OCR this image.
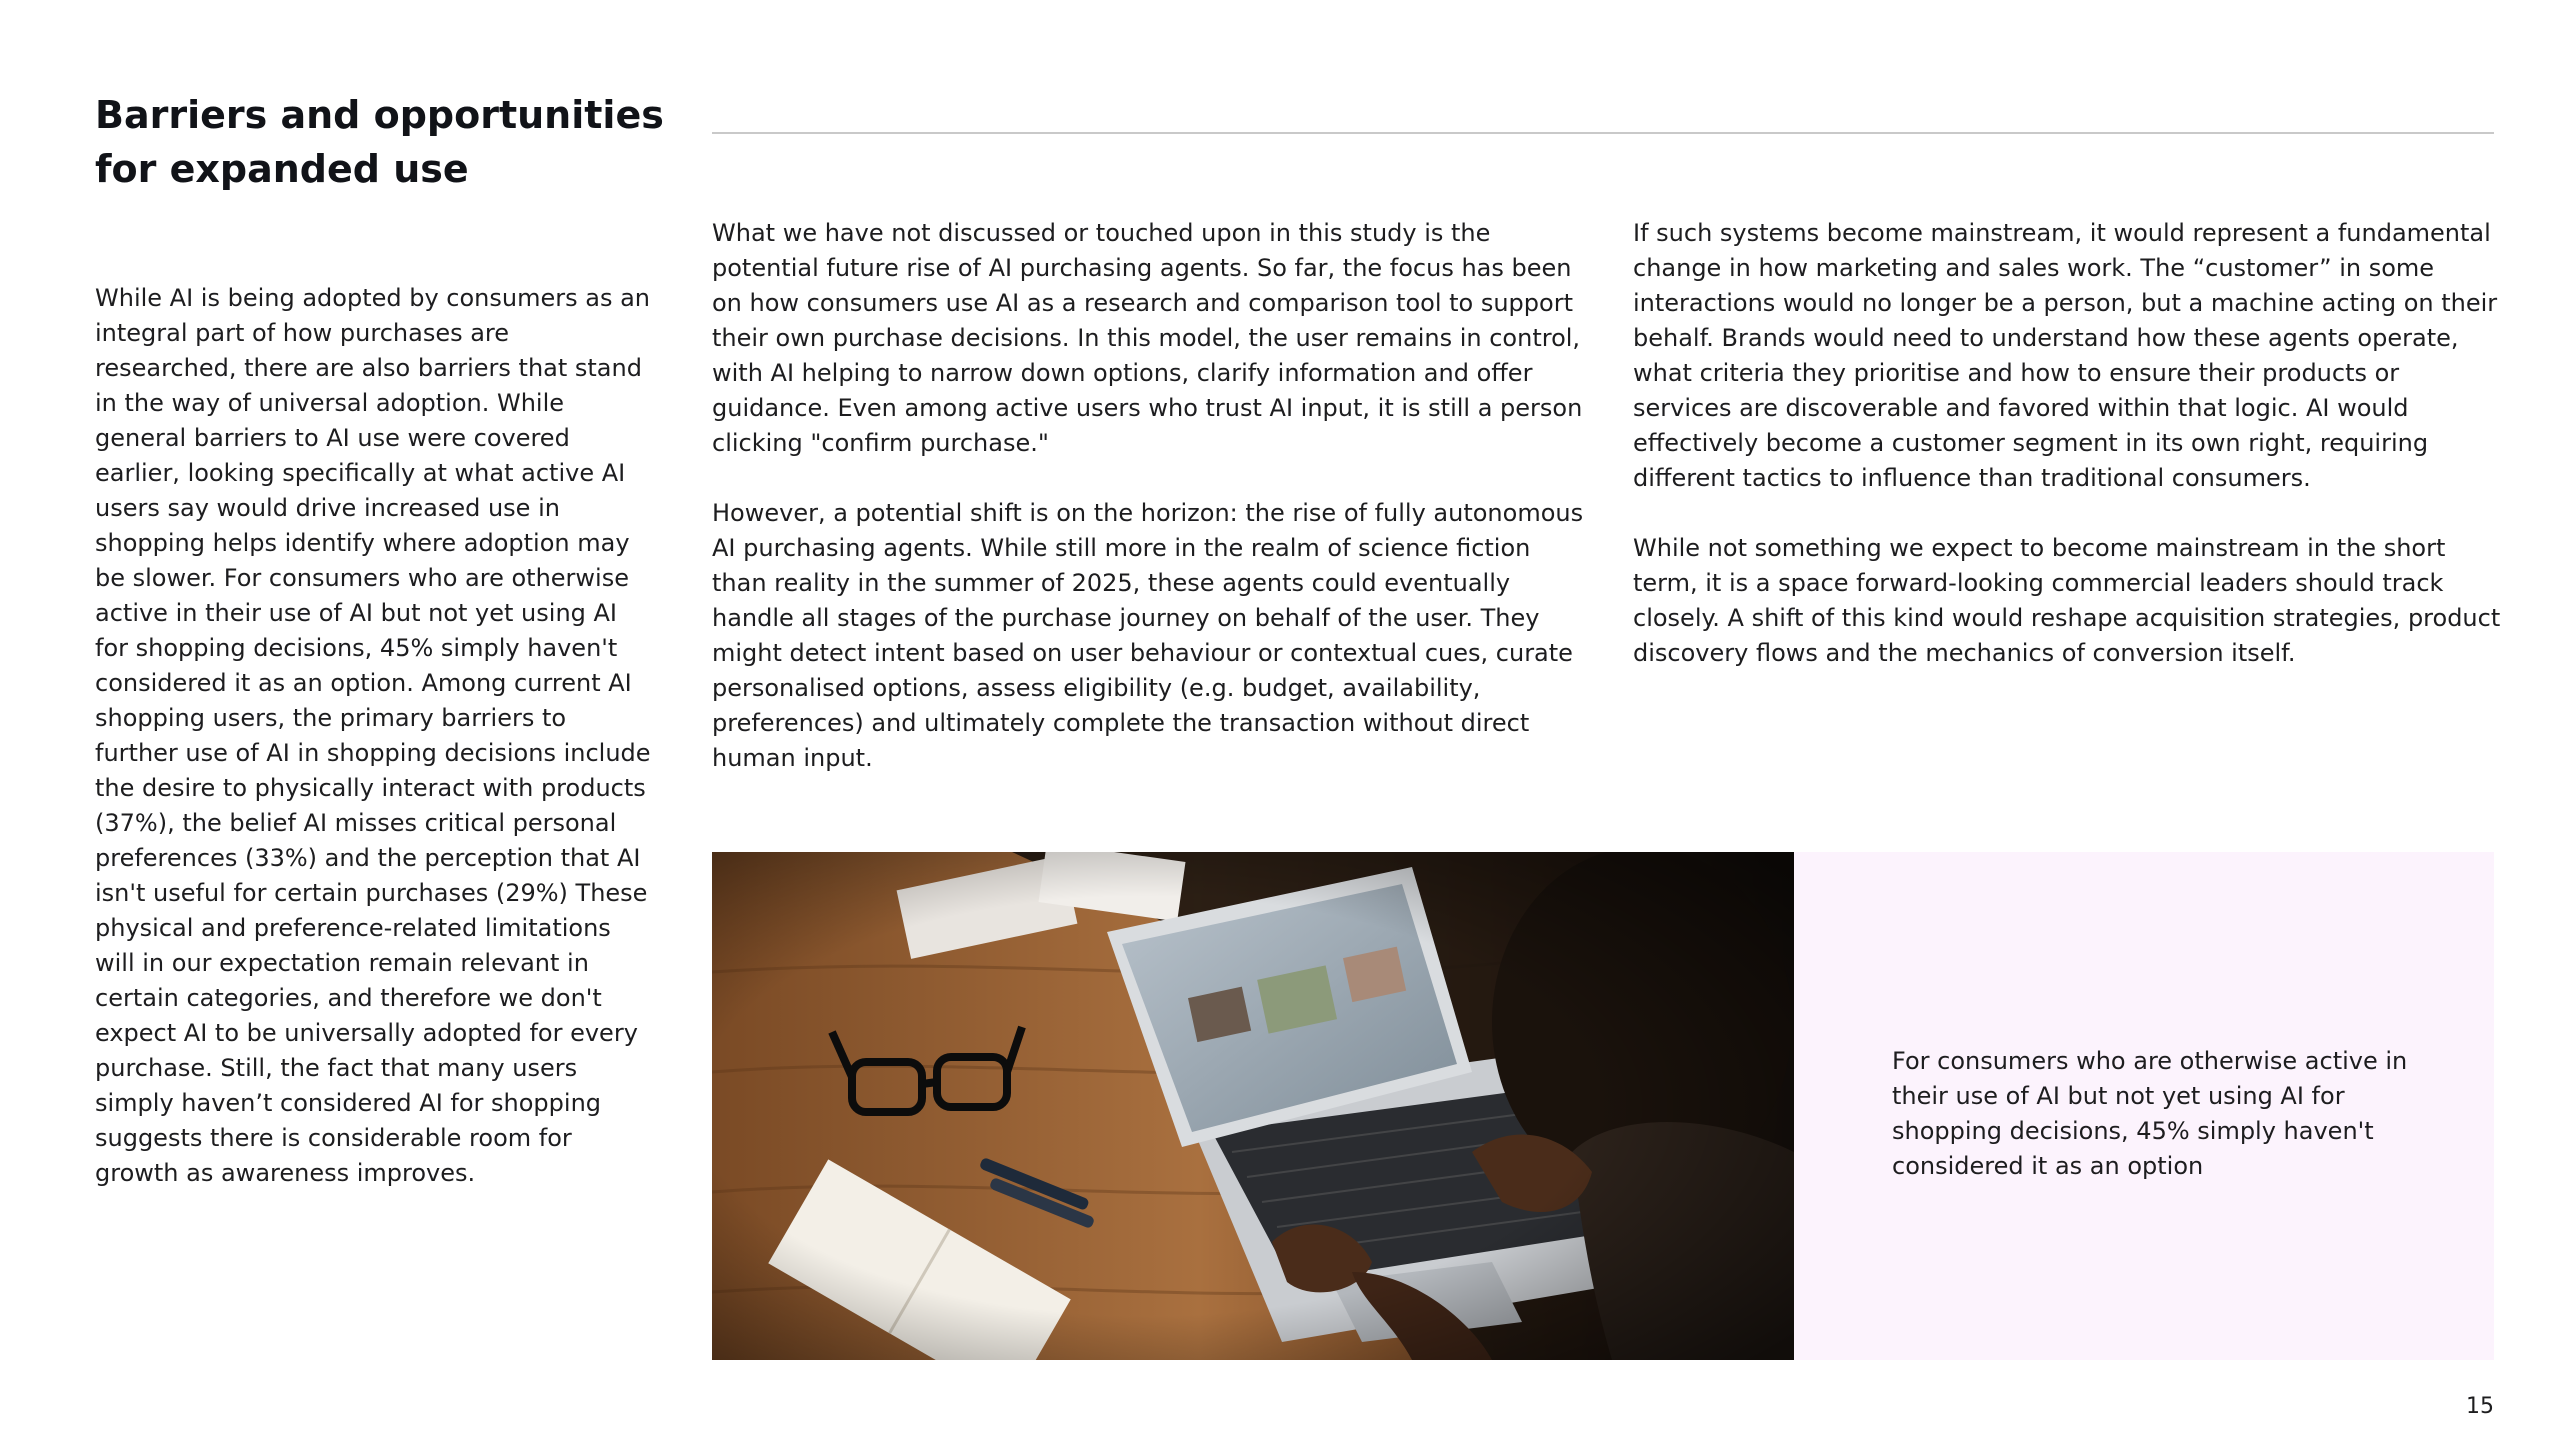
Barriers and opportunities for expanded use

While AI is being adopted by consumers as an integral part of how purchases are researched, there are also barriers that stand in the way of universal adoption. While general barriers to AI use were covered earlier, looking specifically at what active AI users say would drive increased use in shopping helps identify where adoption may be slower. For consumers who are otherwise active in their use of AI but not yet using AI for shopping decisions, 45% simply haven't considered it as an option. Among current AI shopping users, the primary barriers to further use of AI in shopping decisions include the desire to physically interact with products (37%), the belief AI misses critical personal preferences (33%) and the perception that AI isn't useful for certain purchases (29%) These physical and preference-related limitations will in our expectation remain relevant in certain categories, and therefore we don't expect AI to be universally adopted for every purchase. Still, the fact that many users simply haven’t considered AI for shopping suggests there is considerable room for growth as awareness improves.

What we have not discussed or touched upon in this study is the potential future rise of AI purchasing agents. So far, the focus has been on how consumers use AI as a research and comparison tool to support their own purchase decisions. In this model, the user remains in control, with AI helping to narrow down options, clarify information and offer guidance. Even among active users who trust AI input, it is still a person clicking "confirm purchase."

However, a potential shift is on the horizon: the rise of fully autonomous AI purchasing agents. While still more in the realm of science fiction than reality in the summer of 2025, these agents could eventually handle all stages of the purchase journey on behalf of the user. They might detect intent based on user behaviour or contextual cues, curate personalised options, assess eligibility (e.g. budget, availability, preferences) and ultimately complete the transaction without direct human input.

If such systems become mainstream, it would represent a fundamental change in how marketing and sales work. The “customer” in some interactions would no longer be a person, but a machine acting on their behalf. Brands would need to understand how these agents operate, what criteria they prioritise and how to ensure their products or services are discoverable and favored within that logic. AI would effectively become a customer segment in its own right, requiring different tactics to influence than traditional consumers.

While not something we expect to become mainstream in the short term, it is a space forward-looking commercial leaders should track closely. A shift of this kind would reshape acquisition strategies, product discovery flows and the mechanics of conversion itself.

For consumers who are otherwise active in their use of AI but not yet using AI for shopping decisions, 45% simply haven't considered it as an option

15
